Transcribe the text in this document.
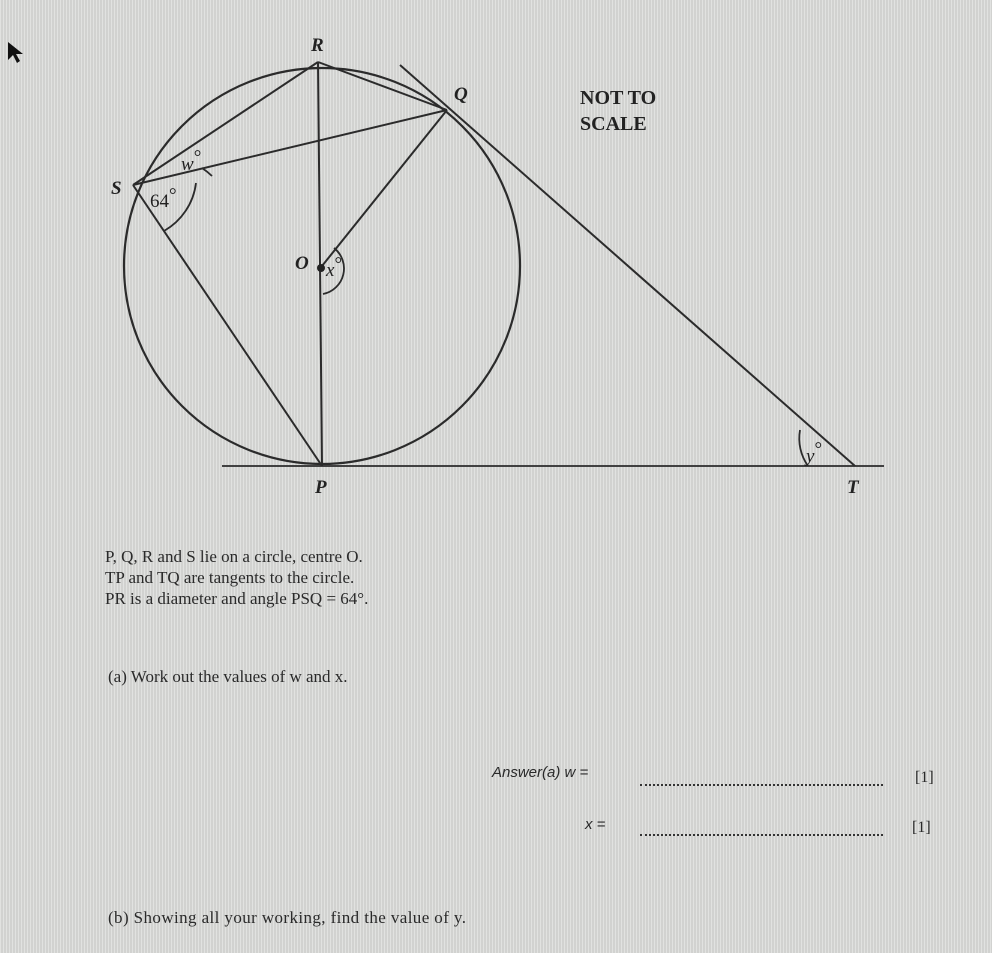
R
Q
S
O
P	T
w°
64°
x°
y°
NOT TO
SCALE
P, Q, R and S lie on a circle, centre O.
TP and TQ are tangents to the circle.
PR is a diameter and angle PSQ = 64°.
(a) Work out the values of w and x.
Answer(a) w =	[1]
x =	[1]
(b) Showing all your working, find the value of y.
